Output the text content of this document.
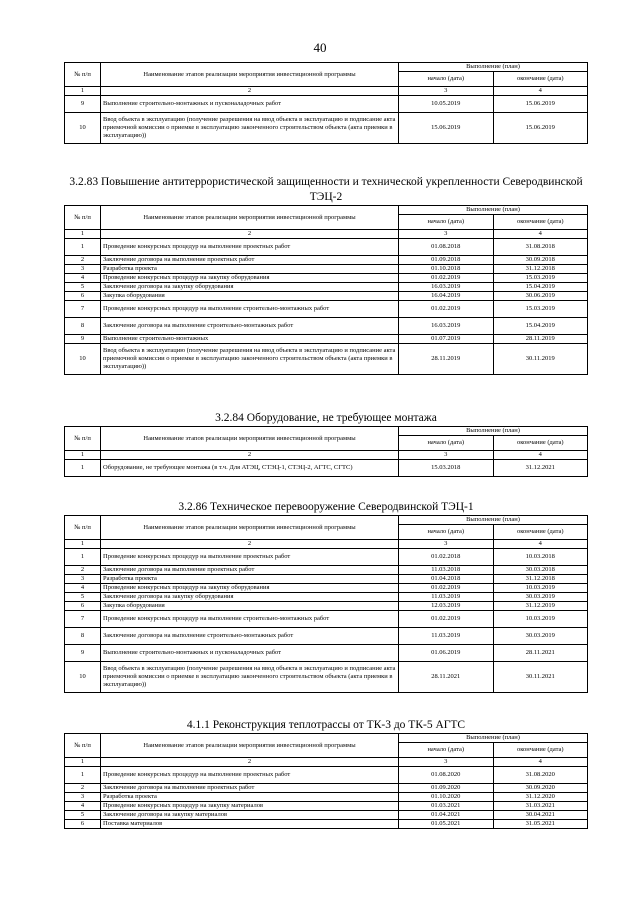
40
№ п/п	Наименование этапов реализации мероприятия инвестиционной программы	Выполнение (план)	
		начало (дата)	окончание (дата)
1	2	3	4
9	Выполнение строительно-монтажных и пусконаладочных работ	10.05.2019	15.06.2019
10	Ввод объекта в эксплуатацию (получение разрешения на ввод объекта в эксплуатацию и подписание акта приемочной комиссии о приемке в эксплуатацию законченного строительством объекта (акта приемки в эксплуатацию))	15.06.2019	15.06.2019
3.2.83 Повышение антитеррористической защищенности и технической укрепленности Северодвинской ТЭЦ-2
№ п/п	Наименование этапов реализации мероприятия инвестиционной программы	Выполнение (план)	
		начало (дата)	окончание (дата)
1	2	3	4
1	Проведение конкурсных процедур на выполнение проектных работ	01.08.2018	31.08.2018
2	Заключение договора на выполнение проектных работ	01.09.2018	30.09.2018
3	Разработка проекта	01.10.2018	31.12.2018
4	Проведение конкурсных процедур на закупку оборудования	01.02.2019	15.03.2019
5	Заключение договора на закупку оборудования	16.03.2019	15.04.2019
6	Закупка оборудования	16.04.2019	30.06.2019
7	Проведение конкурсных процедур на выполнение строительно-монтажных работ	01.02.2019	15.03.2019
8	Заключение договора на выполнение строительно-монтажных работ	16.03.2019	15.04.2019
9	Выполнение строительно-монтажных	01.07.2019	28.11.2019
10	Ввод объекта в эксплуатацию (получение разрешения на ввод объекта в эксплуатацию и подписание акта приемочной комиссии о приемке в эксплуатацию законченного строительством объекта (акта приемки в эксплуатацию))	28.11.2019	30.11.2019
3.2.84 Оборудование, не требующее монтажа
№ п/п	Наименование этапов реализации мероприятия инвестиционной программы	Выполнение (план)	
		начало (дата)	окончание (дата)
1	2	3	4
1	Оборудование, не требующее монтажа (в т.ч. Для АТЭЦ, СТЭЦ-1, СТЭЦ-2, АГТС, СГТС)	15.03.2018	31.12.2021
3.2.86 Техническое перевооружение Северодвинской ТЭЦ-1
№ п/п	Наименование этапов реализации мероприятия инвестиционной программы	Выполнение (план)	
		начало (дата)	окончание (дата)
1	2	3	4
1	Проведение конкурсных процедур на выполнение проектных работ	01.02.2018	10.03.2018
2	Заключение договора на выполнение проектных работ	11.03.2018	30.03.2018
3	Разработка проекта	01.04.2018	31.12.2018
4	Проведение конкурсных процедур на закупку оборудования	01.02.2019	10.03.2019
5	Заключение договора на закупку оборудования	11.03.2019	30.03.2019
6	Закупка оборудования	12.03.2019	31.12.2019
7	Проведение конкурсных процедур на выполнение строительно-монтажных работ	01.02.2019	10.03.2019
8	Заключение договора на выполнение строительно-монтажных работ	11.03.2019	30.03.2019
9	Выполнение строительно-монтажных и пусконаладочных работ	01.06.2019	28.11.2021
10	Ввод объекта в эксплуатацию (получение разрешения на ввод объекта в эксплуатацию и подписание акта приемочной комиссии о приемке в эксплуатацию законченного строительством объекта (акта приемки в эксплуатацию))	28.11.2021	30.11.2021
4.1.1 Реконструкция теплотрассы от ТК-3 до ТК-5 АГТС
№ п/п	Наименование этапов реализации мероприятия инвестиционной программы	Выполнение (план)	
		начало (дата)	окончание (дата)
1	2	3	4
1	Проведение конкурсных процедур на выполнение проектных работ	01.08.2020	31.08.2020
2	Заключение договора на выполнение проектных работ	01.09.2020	30.09.2020
3	Разработка проекта	01.10.2020	31.12.2020
4	Проведение конкурсных процедур на закупку материалов	01.03.2021	31.03.2021
5	Заключение договора на закупку материалов	01.04.2021	30.04.2021
6	Поставка материалов	01.05.2021	31.05.2021
